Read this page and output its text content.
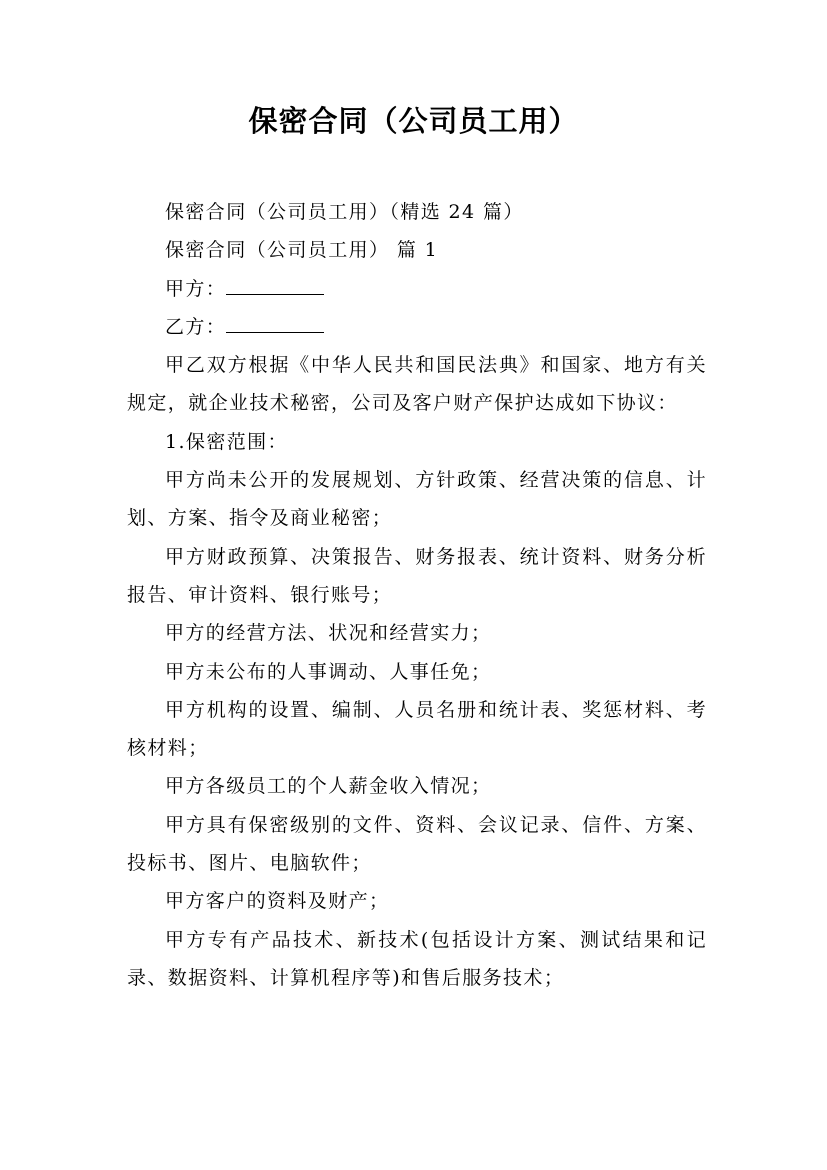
保密合同（公司员工用）

保密合同（公司员工用）（精选 24 篇）

保密合同（公司员工用） 篇 1

甲方：

乙方：

甲乙双方根据《中华人民共和国民法典》和国家、地方有关规定，就企业技术秘密，公司及客户财产保护达成如下协议：

1.保密范围：

甲方尚未公开的发展规划、方针政策、经营决策的信息、计划、方案、指令及商业秘密；

甲方财政预算、决策报告、财务报表、统计资料、财务分析报告、审计资料、银行账号；

甲方的经营方法、状况和经营实力；

甲方未公布的人事调动、人事任免；

甲方机构的设置、编制、人员名册和统计表、奖惩材料、考核材料；

甲方各级员工的个人薪金收入情况；

甲方具有保密级别的文件、资料、会议记录、信件、方案、投标书、图片、电脑软件；

甲方客户的资料及财产；

甲方专有产品技术、新技术(包括设计方案、测试结果和记录、数据资料、计算机程序等)和售后服务技术；
